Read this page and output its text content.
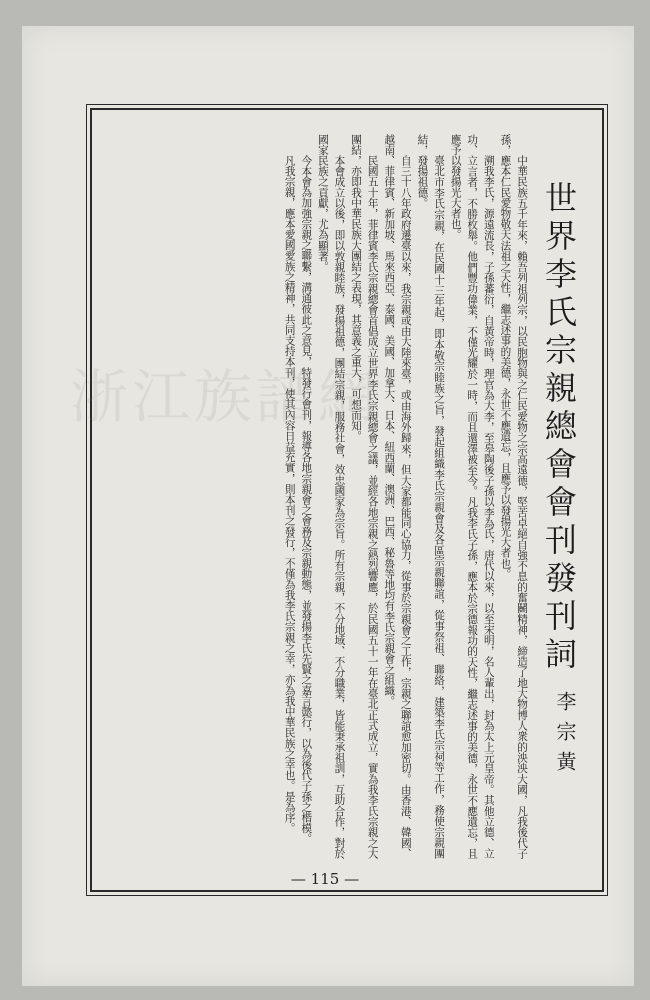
世界李氏宗親總會會刊發刊詞
李宗黃

中華民族五千年來，賴吾列祖列宗，以民胞物與之仁民愛物之宗高遠德，堅苦卓絕自強不息的奮鬭精神，締造了地大物博人衆的泱泱大國，凡我後代子孫，應本仁民愛物敬天法祖之天性，繼志述事的美德，永世不應遺忘，且應予以發揚光大者也。

溯我李氏，源遠流長，子孫蕃衍，自黃帝時，理官為大李，至皋陶後子孫以李為氏，唐代以來，以至宋明，名人輩出，封為太上元皇帝。其他立德、立功、立言者，不勝枚舉。他們豐功偉業，不僅光耀於一時，而且還澤被至今。凡我李氏子孫，應本於宗德報功的天性，繼志述事的美德，永世不應遺忘，且應予以發揚光大者也。

臺北市李氏宗親，在民國十三年起，即本敬宗睦族之旨，發起組織李氏宗親會及各區宗親聯誼，從事祭祖、聯絡，建築李氏宗祠等工作，務使宗親團結，發揚祖德。

自三十八年政府遷臺以來，我宗親或由大陸來臺，或由海外歸來，但大家都能同心協力，從事於宗親會之工作，宗親之聯誼愈加密切。由香港、韓國、越南、菲律賓、新加坡、馬來西亞、泰國、美國、加拿大、日本、紐西蘭、澳洲、巴西、秘魯等地均有李氏宗親會之組織。

民國五十年，菲律賓李氏宗親總會首倡成立世界李氏宗親總會之議，並經各地宗親之熱烈響應，於民國五十一年在臺北正式成立，實為我李氏宗親之大團結，亦即我中華民族大團結之表現，其意義之重大，可想而知。

本會成立以後，即以敦親睦族，發揚祖德，團結宗親，服務社會，效忠國家為宗旨。所有宗親，不分地域、不分職業，皆能秉承祖訓，互助合作，對於國家民族之貢獻，尤為顯著。

今本會為加強宗親之聯繫，溝通彼此之意見，特發行會刊，報導各地宗親會之會務及宗親動態，並發揚李氏先賢之嘉言懿行，以為後代子孫之楷模。

凡我宗親，應本愛國愛族之精神，共同支持本刊，使其內容日益充實，則本刊之發行，不僅為我李氏宗親之幸，亦為我中華民族之幸也。是為序。

— 115 —
